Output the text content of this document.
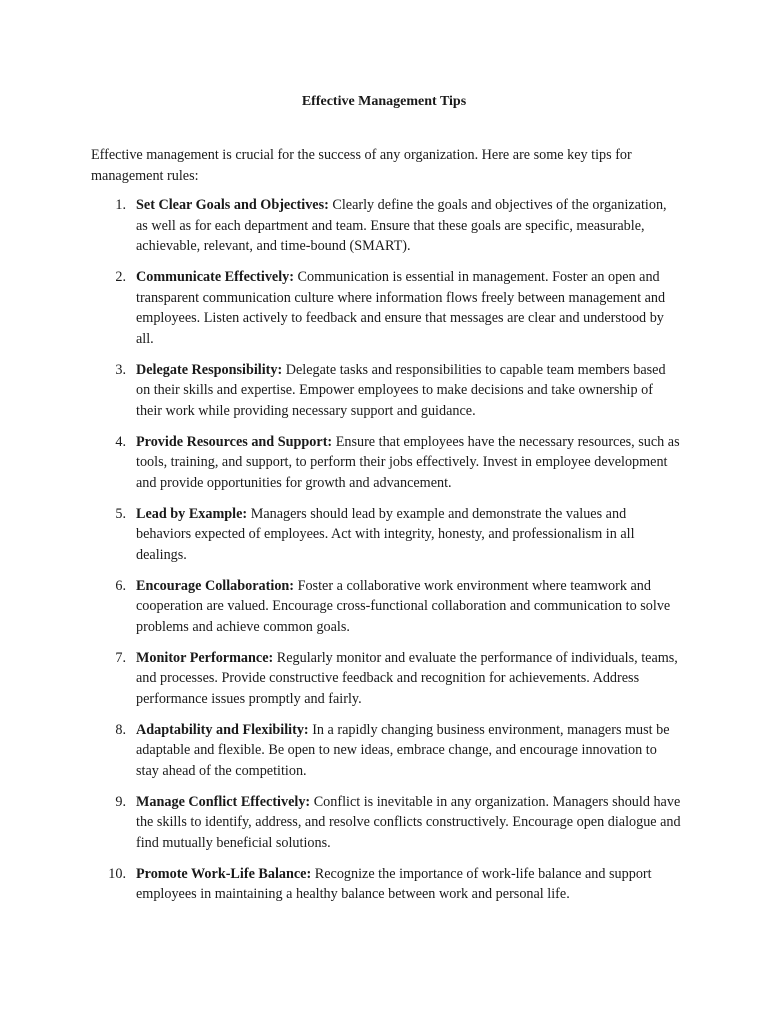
Effective Management Tips

Effective management is crucial for the success of any organization. Here are some key tips for management rules:

1. Set Clear Goals and Objectives: Clearly define the goals and objectives of the organization, as well as for each department and team. Ensure that these goals are specific, measurable, achievable, relevant, and time-bound (SMART).
2. Communicate Effectively: Communication is essential in management. Foster an open and transparent communication culture where information flows freely between management and employees. Listen actively to feedback and ensure that messages are clear and understood by all.
3. Delegate Responsibility: Delegate tasks and responsibilities to capable team members based on their skills and expertise. Empower employees to make decisions and take ownership of their work while providing necessary support and guidance.
4. Provide Resources and Support: Ensure that employees have the necessary resources, such as tools, training, and support, to perform their jobs effectively. Invest in employee development and provide opportunities for growth and advancement.
5. Lead by Example: Managers should lead by example and demonstrate the values and behaviors expected of employees. Act with integrity, honesty, and professionalism in all dealings.
6. Encourage Collaboration: Foster a collaborative work environment where teamwork and cooperation are valued. Encourage cross-functional collaboration and communication to solve problems and achieve common goals.
7. Monitor Performance: Regularly monitor and evaluate the performance of individuals, teams, and processes. Provide constructive feedback and recognition for achievements. Address performance issues promptly and fairly.
8. Adaptability and Flexibility: In a rapidly changing business environment, managers must be adaptable and flexible. Be open to new ideas, embrace change, and encourage innovation to stay ahead of the competition.
9. Manage Conflict Effectively: Conflict is inevitable in any organization. Managers should have the skills to identify, address, and resolve conflicts constructively. Encourage open dialogue and find mutually beneficial solutions.
10. Promote Work-Life Balance: Recognize the importance of work-life balance and support employees in maintaining a healthy balance between work and personal life.
